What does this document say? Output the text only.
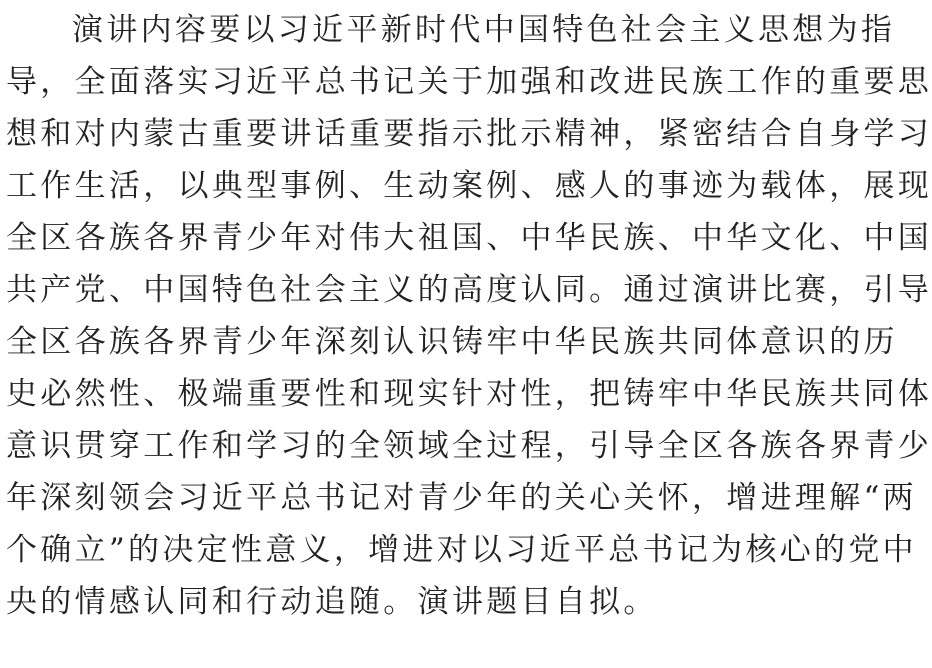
演讲内容要以习近平新时代中国特色社会主义思想为指
导，全面落实习近平总书记关于加强和改进民族工作的重要思
想和对内蒙古重要讲话重要指示批示精神，紧密结合自身学习
工作生活，以典型事例、生动案例、感人的事迹为载体，展现
全区各族各界青少年对伟大祖国、中华民族、中华文化、中国
共产党、中国特色社会主义的高度认同。通过演讲比赛，引导
全区各族各界青少年深刻认识铸牢中华民族共同体意识的历
史必然性、极端重要性和现实针对性，把铸牢中华民族共同体
意识贯穿工作和学习的全领域全过程，引导全区各族各界青少
年深刻领会习近平总书记对青少年的关心关怀，增进理解“两
个确立”的决定性意义，增进对以习近平总书记为核心的党中
央的情感认同和行动追随。演讲题目自拟。
